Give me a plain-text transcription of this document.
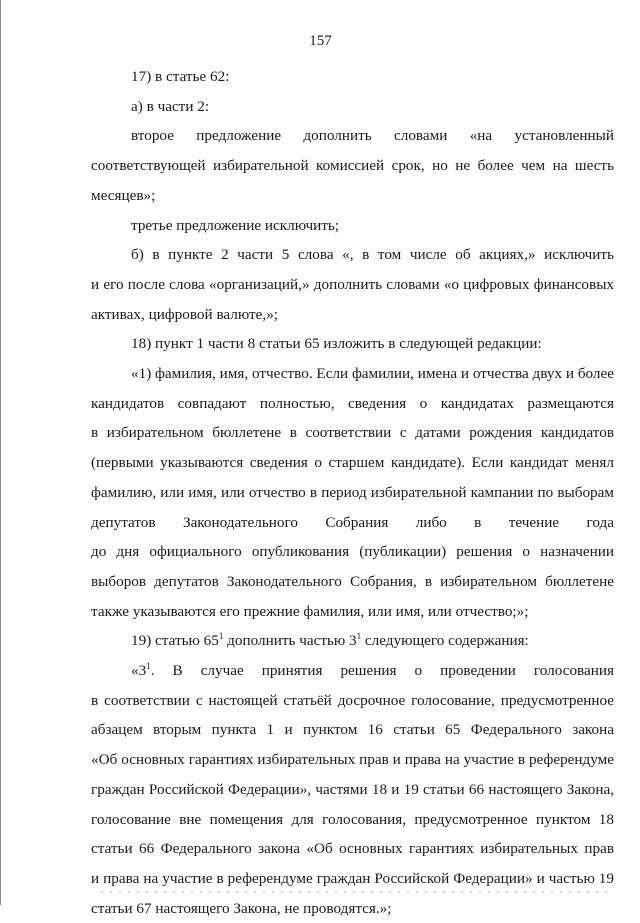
157

17) в статье 62:

а) в части 2:

второе предложение дополнить словами «на установленный

соответствующей избирательной комиссией срок, но не более чем на шесть

месяцев»;

третье предложение исключить;

б) в пункте 2 части 5 слова «, в том числе об акциях,» исключить

и его после слова «организаций,» дополнить словами «о цифровых финансовых

активах, цифровой валюте,»;

18) пункт 1 части 8 статьи 65 изложить в следующей редакции:

«1) фамилия, имя, отчество. Если фамилии, имена и отчества двух и более

кандидатов совпадают полностью, сведения о кандидатах размещаются

в избирательном бюллетене в соответствии с датами рождения кандидатов

(первыми указываются сведения о старшем кандидате). Если кандидат менял

фамилию, или имя, или отчество в период избирательной кампании по выборам

депутатов Законодательного Собрания либо в течение года

до дня официального опубликования (публикации) решения о назначении

выборов депутатов Законодательного Собрания, в избирательном бюллетене

также указываются его прежние фамилия, или имя, или отчество;»;

19) статью $65^1$ дополнить частью $3^1$ следующего содержания:

«$3^1$. В случае принятия решения о проведении голосования

в соответствии с настоящей статьёй досрочное голосование, предусмотренное

абзацем вторым пункта 1 и пунктом 16 статьи 65 Федерального закона

«Об основных гарантиях избирательных прав и права на участие в референдуме

граждан Российской Федерации», частями 18 и 19 статьи 66 настоящего Закона,

голосование вне помещения для голосования, предусмотренное пунктом 18

статьи 66 Федерального закона «Об основных гарантиях избирательных прав

и права на участие в референдуме граждан Российской Федерации» и частью 19

статьи 67 настоящего Закона, не проводятся.»;
